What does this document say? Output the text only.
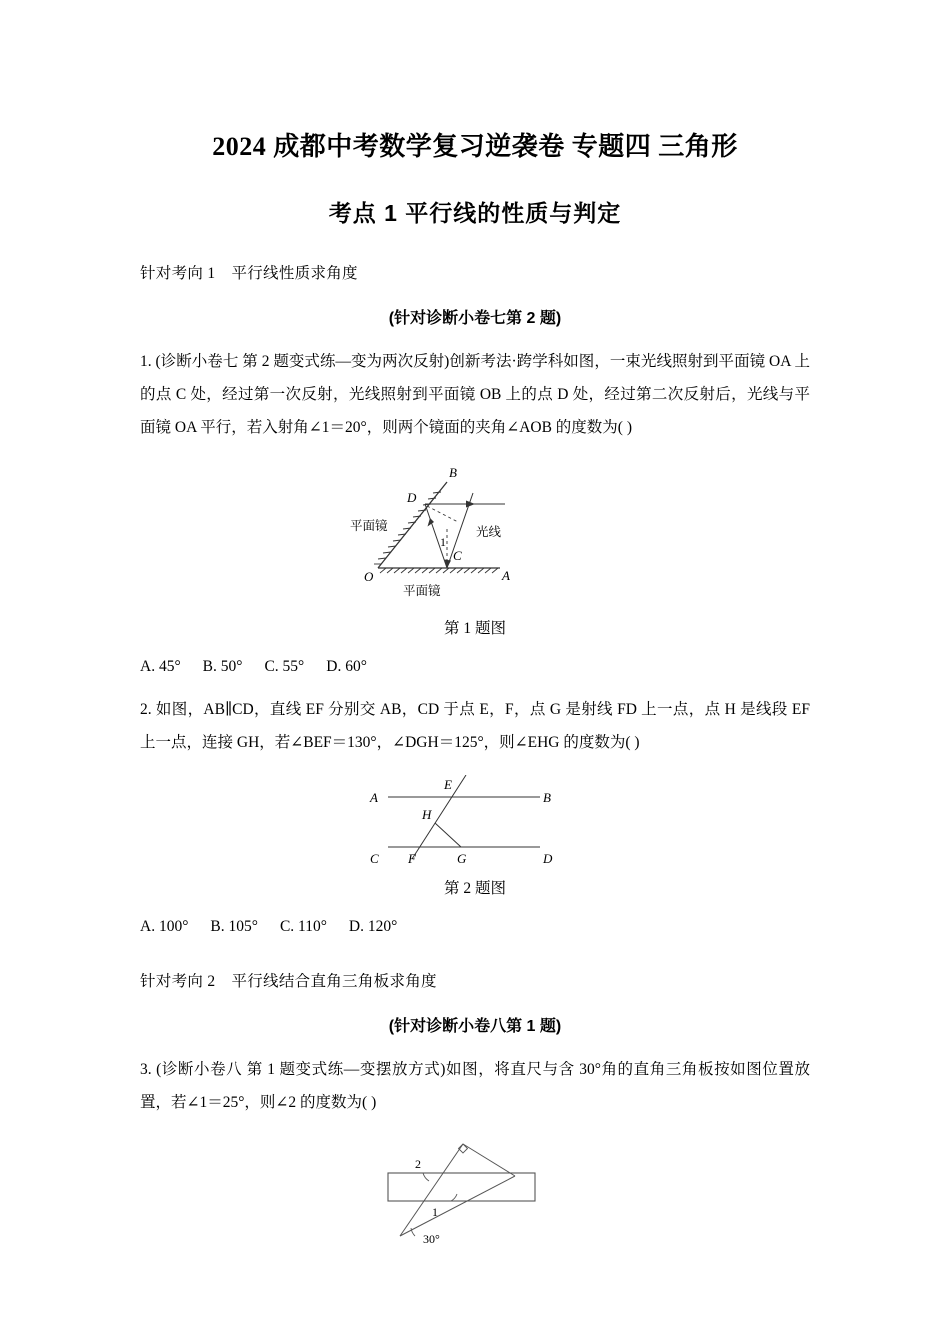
2024 成都中考数学复习逆袭卷 专题四 三角形
考点 1 平行线的性质与判定
针对考向 1 平行线性质求角度
(针对诊断小卷七第 2 题)

1. (诊断小卷七 第 2 题变式练—变为两次反射)创新考法·跨学科如图，一束光线照射到平面镜 OA 上的点 C 处，经过第一次反射，光线照射到平面镜 OB 上的点 D 处，经过第二次反射后，光线与平面镜 OA 平行，若入射角∠1＝20°，则两个镜面的夹角∠AOB 的度数为( )

B
D
C
O	A
1
平面镜
平面镜
光线
第 1 题图
A. 45° B. 50° C. 55° D. 60°

2. 如图，AB∥CD，直线 EF 分别交 AB，CD 于点 E，F，点 G 是射线 FD 上一点，点 H 是线段 EF 上一点，连接 GH，若∠BEF＝130°，∠DGH＝125°，则∠EHG 的度数为( )

A	B
C	D
E
F	G
H
第 2 题图
A. 100° B. 105° C. 110° D. 120°
针对考向 2 平行线结合直角三角板求角度
(针对诊断小卷八第 1 题)

3. (诊断小卷八 第 1 题变式练—变摆放方式)如图，将直尺与含 30°角的直角三角板按如图位置放置，若∠1＝25°，则∠2 的度数为( )

2
1
30°
